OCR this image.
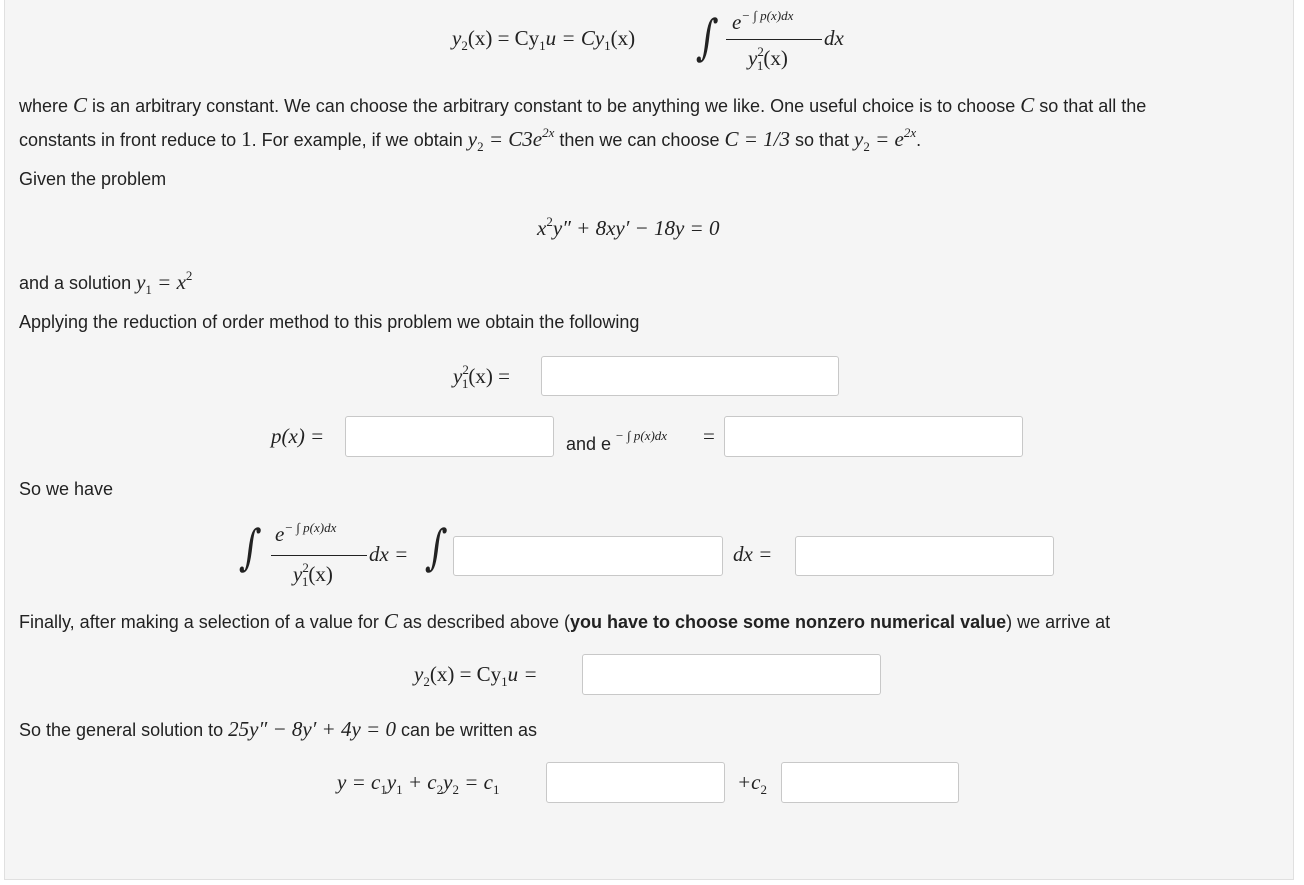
$y_2(x) = Cy_1u = Cy_1(x)$ ∫ $e^{- \int p(x)dx}$
$y^2_1(x)$
dx
where C is an arbitrary constant. We can choose the arbitrary constant to be anything we like. One useful choice is to choose C so that all the
constants in front reduce to 1. For example, if we obtain $y_2 = C3e^{2x}$ then we can choose C = 1/3 so that $y_2 = e^{2x}$.
Given the problem
$x^2y'' + 8xy' - 18y = 0$
and a solution $y_1 = x^2$
Applying the reduction of order method to this problem we obtain the following
$y^2_1(x)$ =
p(x) =	and e $^{- \int p(x)dx}$ =
So we have
∫ $e^{- \int p(x)dx}$
$y^2_1(x)$
dx = ∫	dx =
Finally, after making a selection of a value for C as described above (you have to choose some nonzero numerical value) we arrive at
$y_2(x) = Cy_1u$ =
So the general solution to 25y″ − 8y′ + 4y = 0 can be written as
$y = c_1y_1 + c_2y_2 = c_1$	$+c_2$
